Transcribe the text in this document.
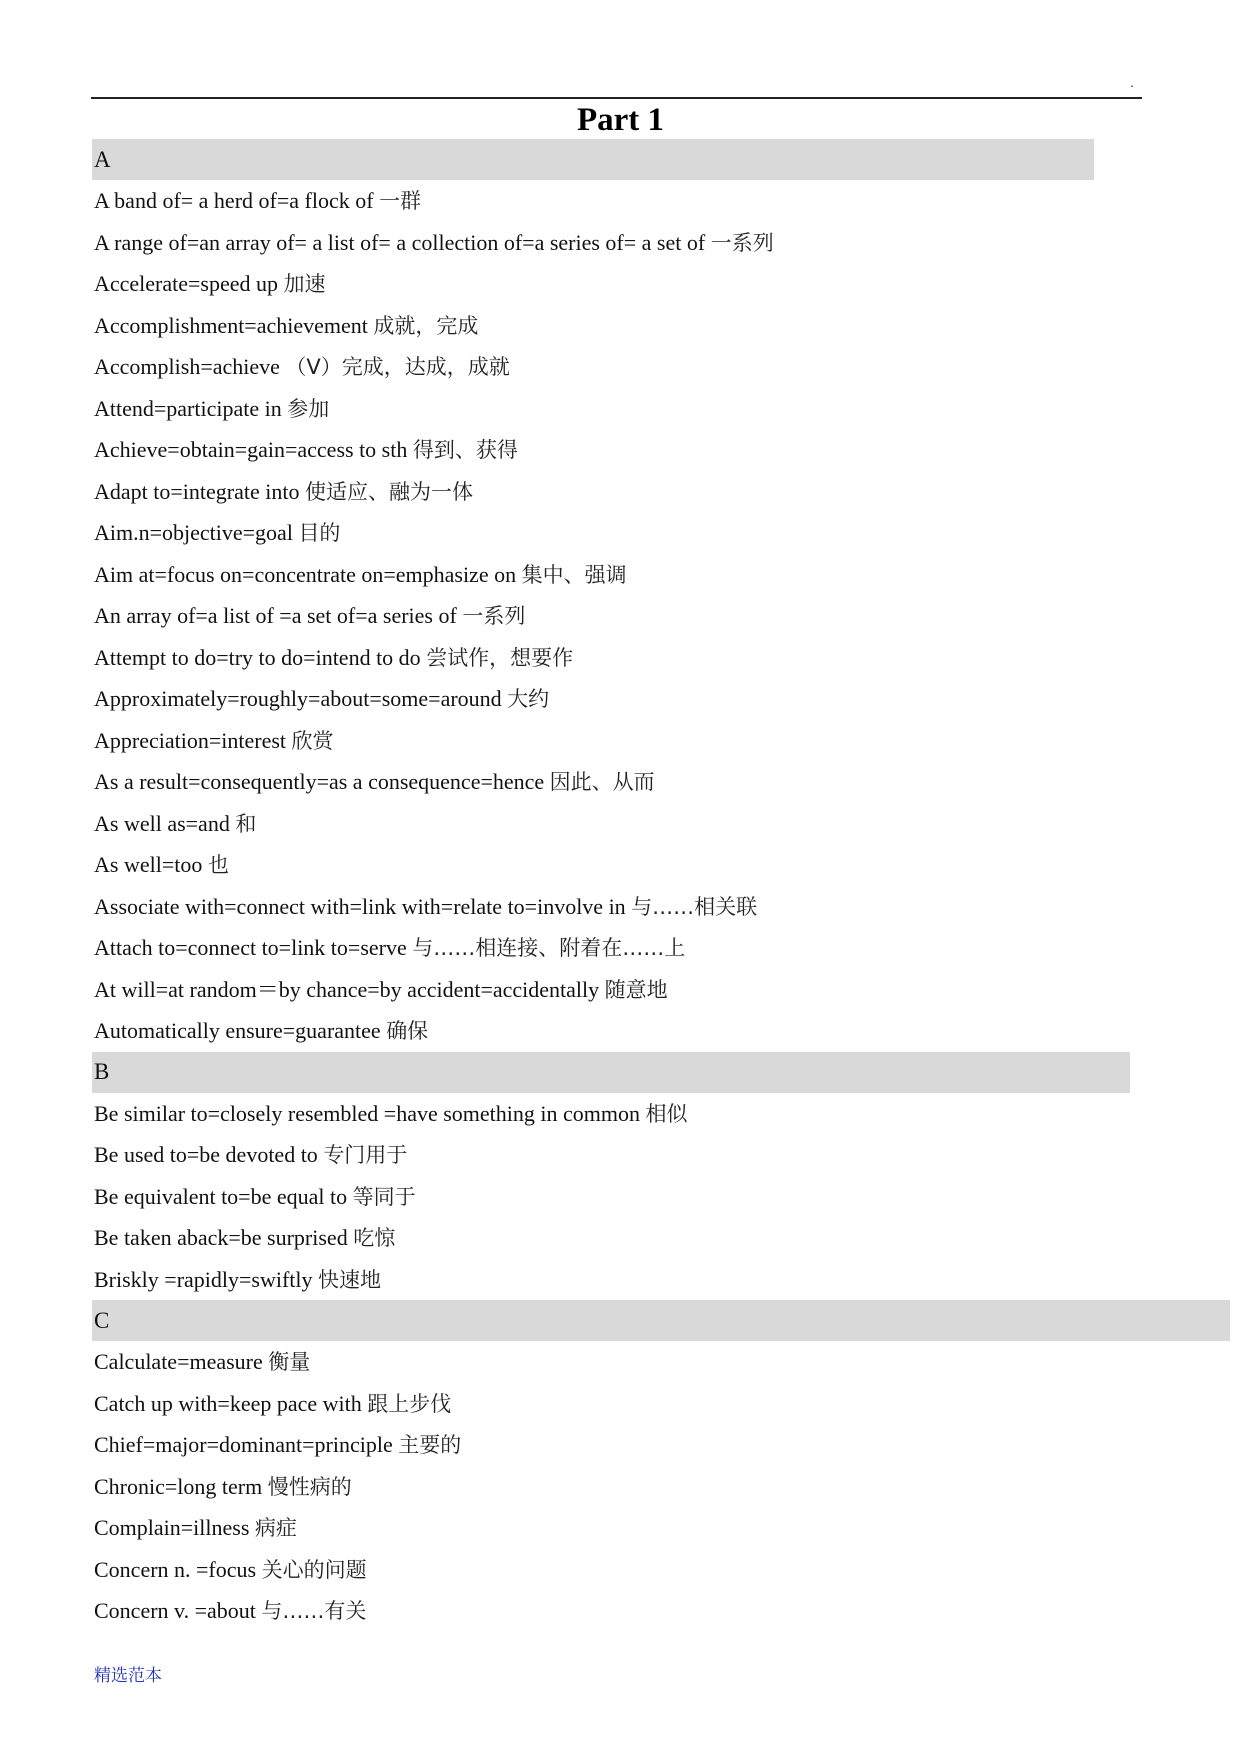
.
Part 1
A
A band of= a herd of=a flock of 一群
A range of=an array of= a list of= a collection of=a series of= a set of 一系列
Accelerate=speed up 加速
Accomplishment=achievement 成就，完成
Accomplish=achieve （V）完成，达成，成就
Attend=participate in 参加
Achieve=obtain=gain=access to sth 得到、获得
Adapt to=integrate into 使适应、融为一体
Aim.n=objective=goal 目的
Aim at=focus on=concentrate on=emphasize on 集中、强调
An array of=a list of =a set of=a series of 一系列
Attempt to do=try to do=intend to do 尝试作，想要作
Approximately=roughly=about=some=around 大约
Appreciation=interest 欣赏
As a result=consequently=as a consequence=hence 因此、从而
As well as=and 和
As well=too 也
Associate with=connect with=link with=relate to=involve in 与……相关联
Attach to=connect to=link to=serve 与……相连接、附着在……上
At will=at random＝by chance=by accident=accidentally 随意地
Automatically ensure=guarantee 确保
B
Be similar to=closely resembled =have something in common 相似
Be used to=be devoted to 专门用于
Be equivalent to=be equal to 等同于
Be taken aback=be surprised 吃惊
Briskly =rapidly=swiftly 快速地
C
Calculate=measure 衡量
Catch up with=keep pace with 跟上步伐
Chief=major=dominant=principle 主要的
Chronic=long term 慢性病的
Complain=illness 病症
Concern n. =focus 关心的问题
Concern v. =about 与……有关
精选范本
